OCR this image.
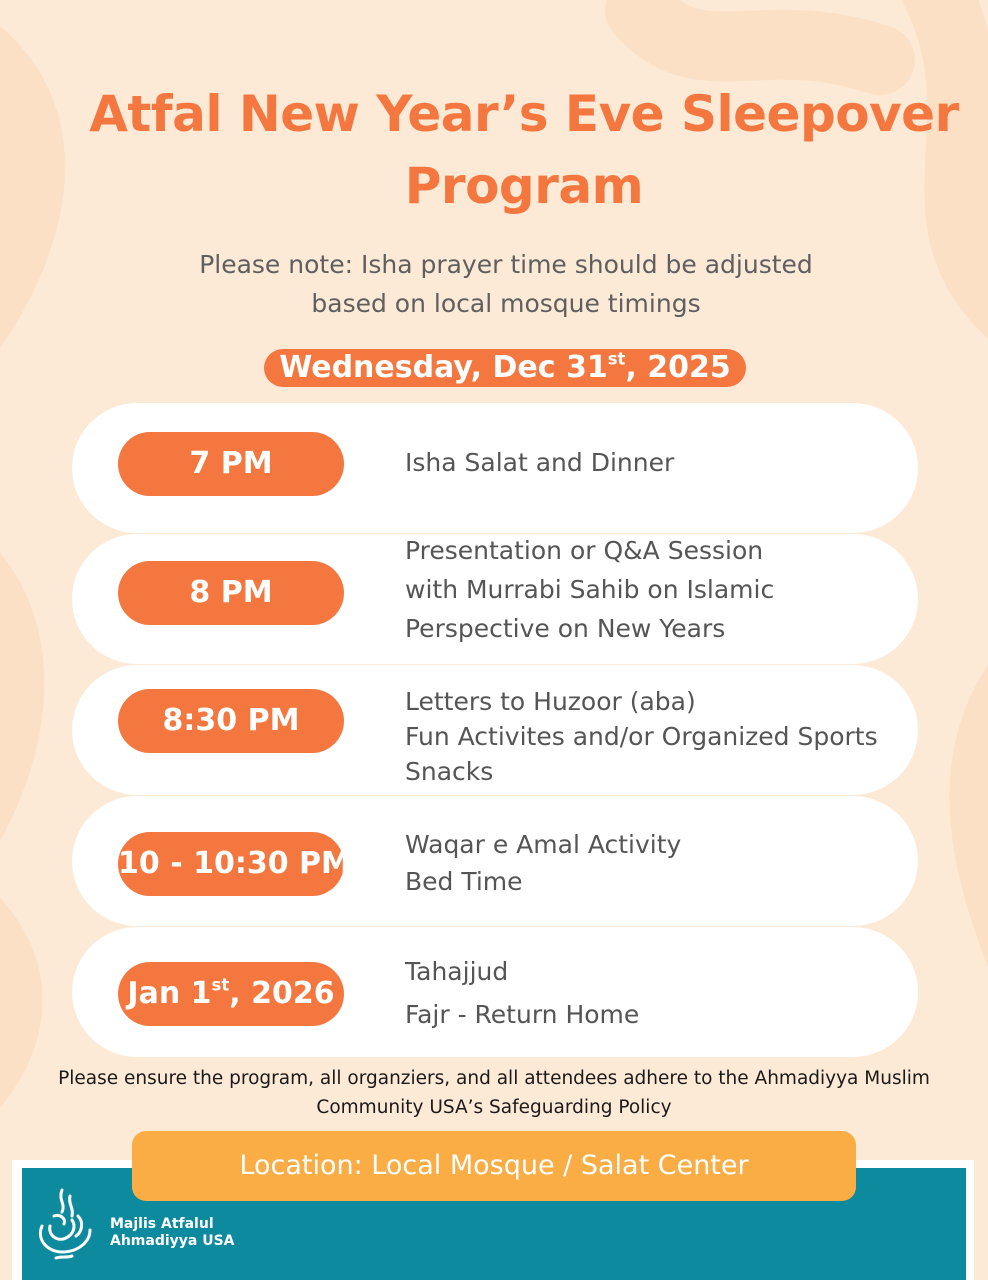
Atfal New Year’s Eve Sleepover
Program
Please note: Isha prayer time should be adjusted
based on local mosque timings
Wednesday, Dec 31st, 2025
7 PM	Isha Salat and Dinner
8 PM
Presentation or Q&A Session
with Murrabi Sahib on Islamic
Perspective on New Years
8:30 PM
Letters to Huzoor (aba)
Fun Activites and/or Organized Sports
Snacks
10 - 10:30 PM
Waqar e Amal Activity
Bed Time
Jan 1st, 2026
Tahajjud
Fajr - Return Home
Please ensure the program, all organziers, and all attendees adhere to the Ahmadiyya Muslim
Community USA’s Safeguarding Policy
Location: Local Mosque / Salat Center
Majlis Atfalul
Ahmadiyya USA
